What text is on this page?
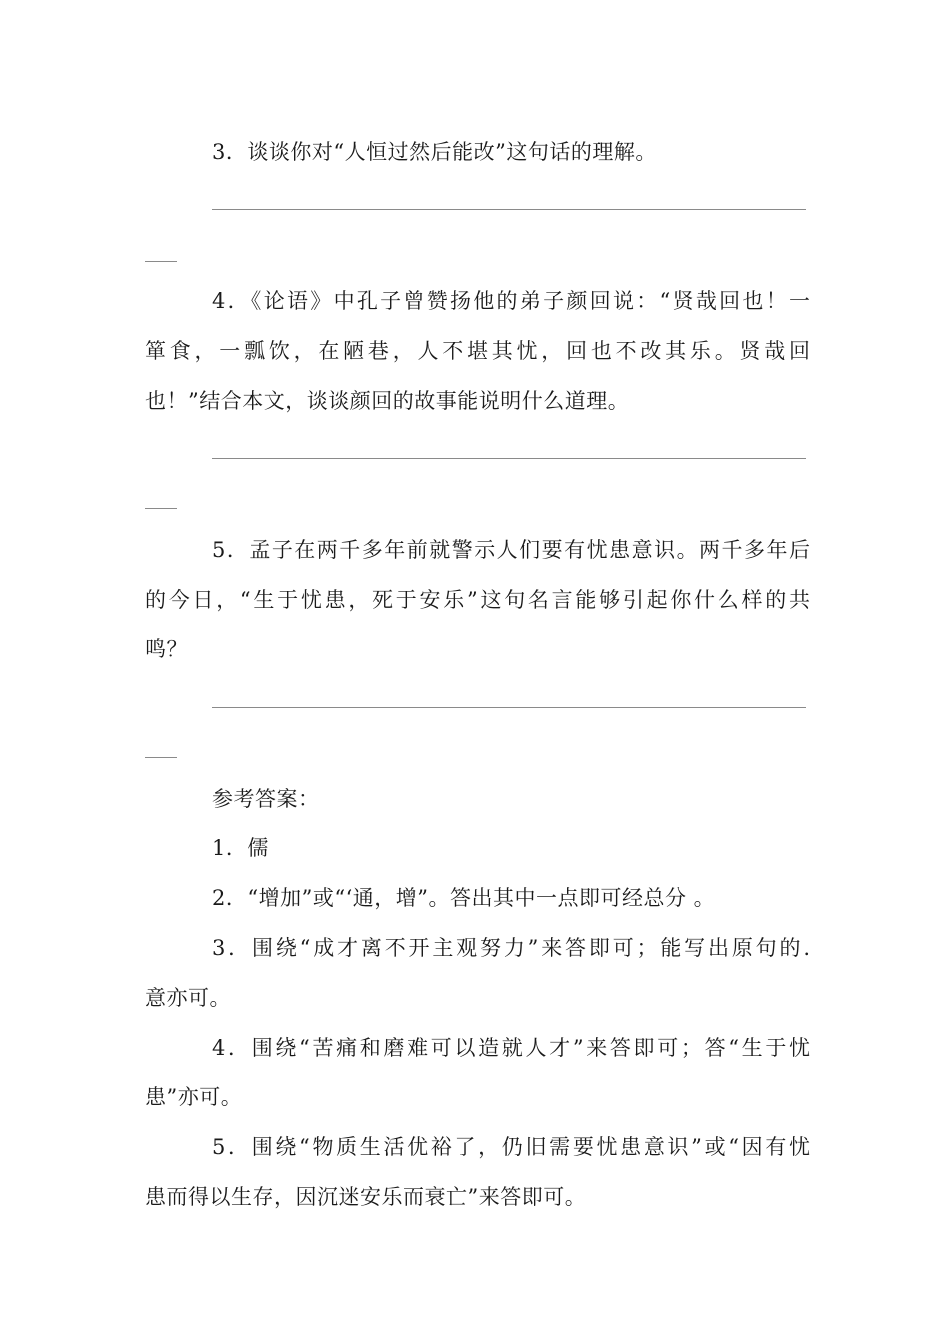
3．谈谈你对“人恒过然后能改”这句话的理解。
4．《论语》中孔子曾赞扬他的弟子颜回说：“贤哉回也！一
箪食，一瓢饮，在陋巷，人不堪其忧，回也不改其乐。贤哉回
也！”结合本文，谈谈颜回的故事能说明什么道理。
5．孟子在两千多年前就警示人们要有忧患意识。两千多年后
的今日，“生于忧患，死于安乐”这句名言能够引起你什么样的共
鸣？
参考答案：
1．儒
2．“增加”或“‘通，增”。答出其中一点即可经总分 。
3．围绕“成才离不开主观努力”来答即可；能写出原句的.
意亦可。
4．围绕“苦痛和磨难可以造就人才”来答即可；答“生于忧
患”亦可。
5．围绕“物质生活优裕了，仍旧需要忧患意识”或“因有忧
患而得以生存，因沉迷安乐而衰亡”来答即可。
